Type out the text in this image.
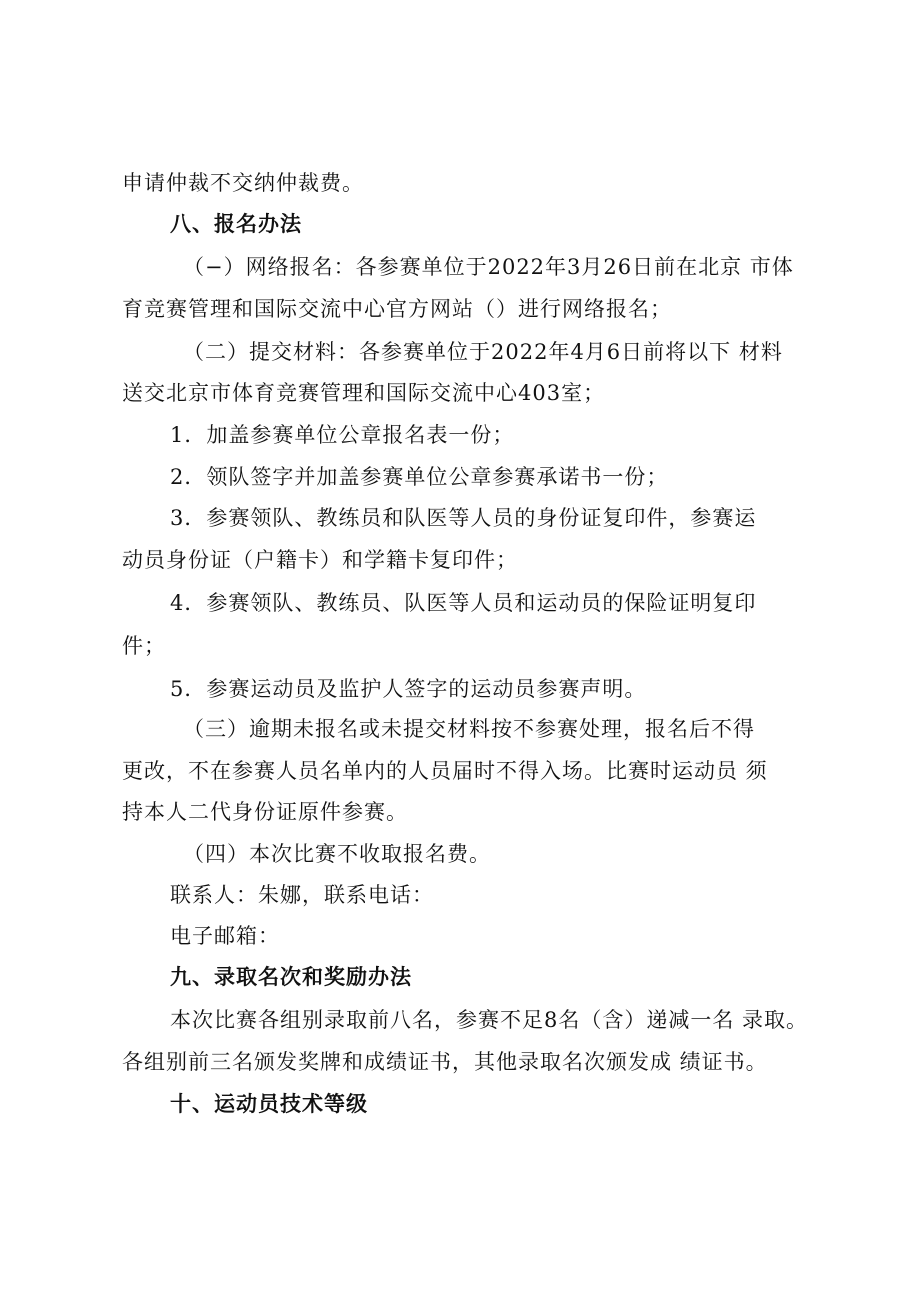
申请仲裁不交纳仲裁费。
八、报名办法
（−）网络报名：各参赛单位于2022年3月26日前在北京 市体
育竞赛管理和国际交流中心官方网站（）进行网络报名；
（二）提交材料：各参赛单位于2022年4月6日前将以下 材料
送交北京市体育竞赛管理和国际交流中心403室；
1．加盖参赛单位公章报名表一份；
2．领队签字并加盖参赛单位公章参赛承诺书一份；
3．参赛领队、教练员和队医等人员的身份证复印件，参赛运
动员身份证（户籍卡）和学籍卡复印件；
4．参赛领队、教练员、队医等人员和运动员的保险证明复印
件；
5．参赛运动员及监护人签字的运动员参赛声明。
（三）逾期未报名或未提交材料按不参赛处理，报名后不得
更改，不在参赛人员名单内的人员届时不得入场。比赛时运动员 须
持本人二代身份证原件参赛。
（四）本次比赛不收取报名费。
联系人：朱娜，联系电话：
电子邮箱：
九、录取名次和奖励办法
本次比赛各组别录取前八名，参赛不足8名（含）递减一名 录取。
各组别前三名颁发奖牌和成绩证书，其他录取名次颁发成 绩证书。
十、运动员技术等级
